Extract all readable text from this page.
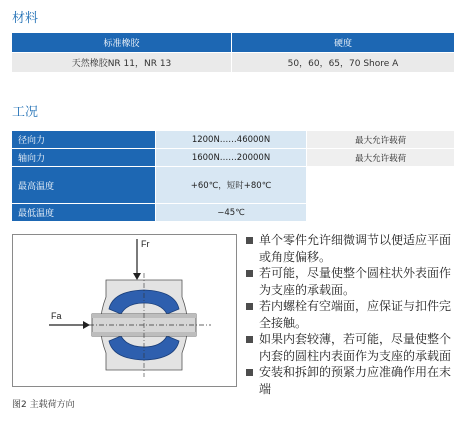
材料
标准橡胶	硬度
天然橡胶NR 11，NR 13	50，60，65，70 Shore A
工况
径向力	1200N……46000N	最大允许载荷
轴向力	1600N……20000N	最大允许载荷
最高温度	+60℃，短时+80℃
最低温度	−45℃
Fr
Fa
图2 主载荷方向
单个零件允许细微调节以便适应平面或角度偏移。
若可能，尽量使整个圆柱状外表面作为支座的承载面。
若内螺栓有空端面，应保证与扣件完全接触。
如果内套较薄，若可能，尽量使整个内套的圆柱内表面作为支座的承载面
安装和拆卸的预紧力应准确作用在末端
